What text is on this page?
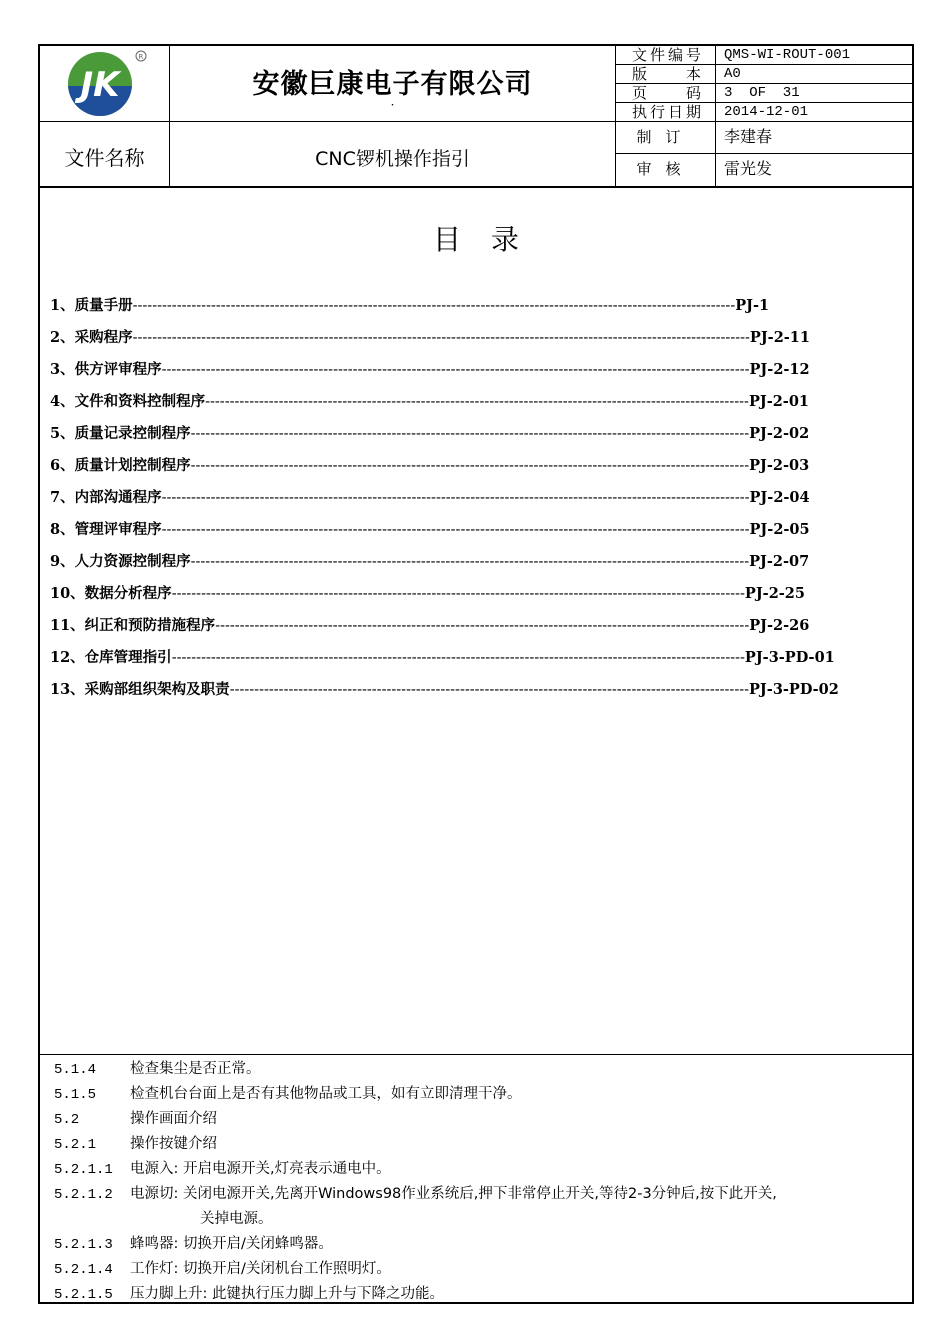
R
JK	安徽巨康电子有限公司
·
文件编号	QMS-WI-ROUT-001
版本	A0
页码	3  OF  31
执行日期	2014-12-01
文件名称	CNC锣机操作指引
制订	李建春
审核	雷光发
目录
1、质量手册---------------------------------------------------------------------------------------------------------------------------PJ-1
2、采购程序------------------------------------------------------------------------------------------------------------------------------PJ-2-11
3、供方评审程序------------------------------------------------------------------------------------------------------------------------PJ-2-12
4、文件和资料控制程序---------------------------------------------------------------------------------------------------------------PJ-2-01
5、质量记录控制程序------------------------------------------------------------------------------------------------------------------PJ-2-02
6、质量计划控制程序------------------------------------------------------------------------------------------------------------------PJ-2-03
7、内部沟通程序------------------------------------------------------------------------------------------------------------------------PJ-2-04
8、管理评审程序------------------------------------------------------------------------------------------------------------------------PJ-2-05
9、人力资源控制程序------------------------------------------------------------------------------------------------------------------PJ-2-07
10、数据分析程序---------------------------------------------------------------------------------------------------------------------PJ-2-25
11、纠正和预防措施程序-------------------------------------------------------------------------------------------------------------PJ-2-26
12、仓库管理指引---------------------------------------------------------------------------------------------------------------------PJ-3-PD-01
13、采购部组织架构及职责----------------------------------------------------------------------------------------------------------PJ-3-PD-02
5.1.4 检查集尘是否正常。
5.1.5 检查机台台面上是否有其他物品或工具，如有立即清理干净。
5.2	操作画面介绍
5.2.1 操作按键介绍
5.2.1.1 电源入: 开启电源开关,灯亮表示通电中。
5.2.1.2 电源切: 关闭电源开关,先离开Windows98作业系统后,押下非常停止开关,等待2-3分钟后,按下此开关,
关掉电源。
5.2.1.3 蜂鸣器: 切换开启/关闭蜂鸣器。
5.2.1.4 工作灯: 切换开启/关闭机台工作照明灯。
5.2.1.5 压力脚上升: 此键执行压力脚上升与下降之功能。
